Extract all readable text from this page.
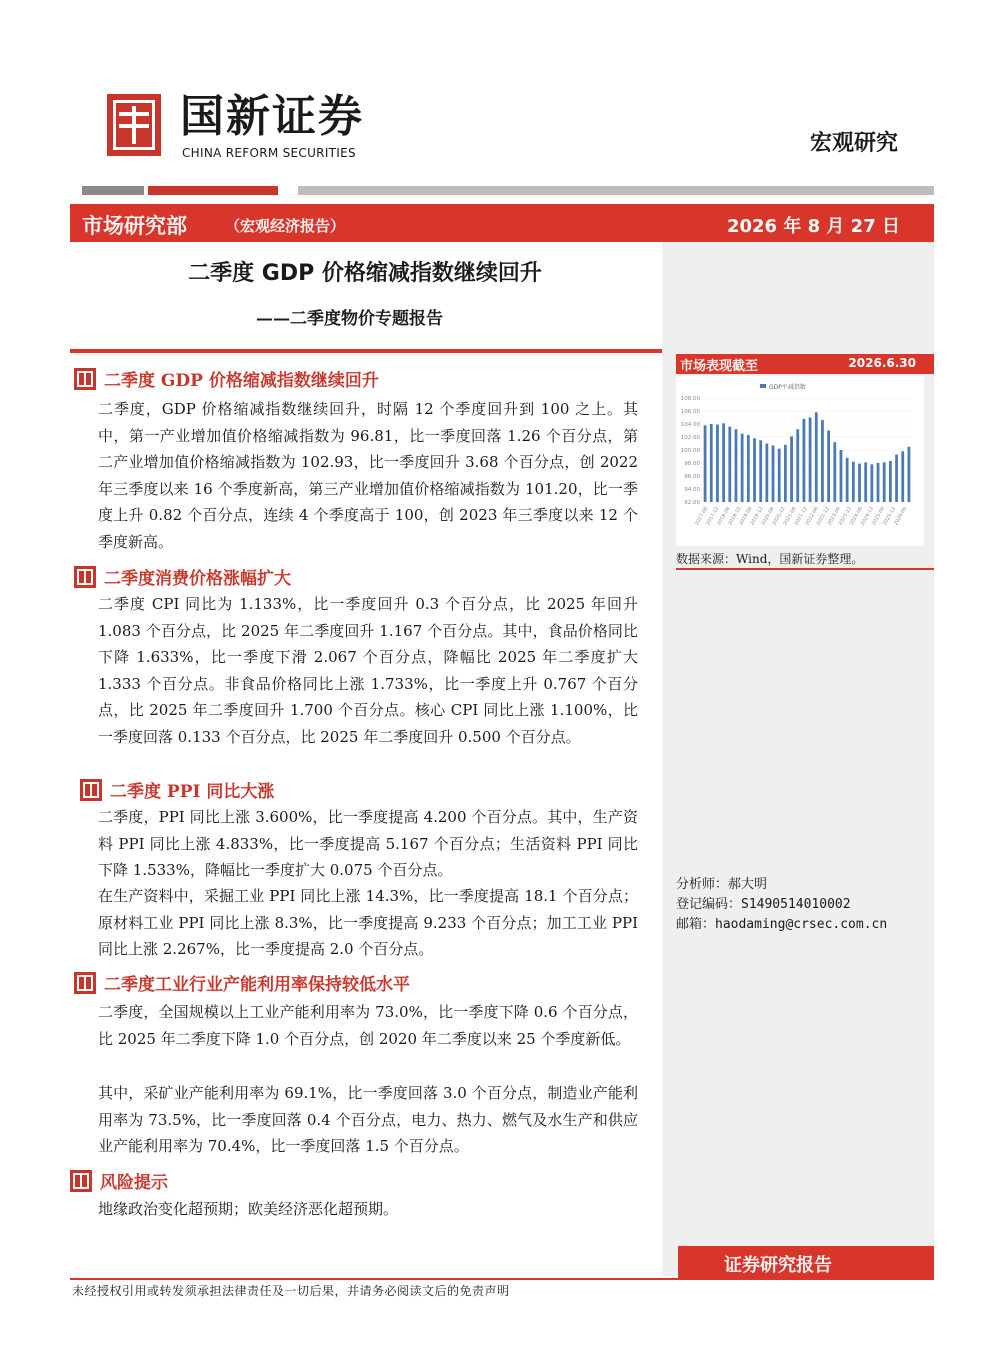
国新证券
CHINA REFORM SECURITIES	宏观研究
市场研究部	（宏观经济报告）	2026 年 8 月 27 日
二季度 GDP 价格缩减指数继续回升
——二季度物价专题报告
二季度 GDP 价格缩减指数继续回升
二季度，GDP 价格缩减指数继续回升，时隔 12 个季度回升到 100 之上。其中，第一产业增加值价格缩减指数为 96.81，比一季度回落 1.26 个百分点，第二产业增加值价格缩减指数为 102.93，比一季度回升 3.68 个百分点，创 2022 年三季度以来 16 个季度新高，第三产业增加值价格缩减指数为 101.20，比一季度上升 0.82 个百分点，连续 4 个季度高于 100，创 2023 年三季度以来 12 个季度新高。
二季度消费价格涨幅扩大
二季度 CPI 同比为 1.133%，比一季度回升 0.3 个百分点，比 2025 年回升 1.083 个百分点，比 2025 年二季度回升 1.167 个百分点。其中，食品价格同比下降 1.633%，比一季度下滑 2.067 个百分点，降幅比 2025 年二季度扩大 1.333 个百分点。非食品价格同比上涨 1.733%，比一季度上升 0.767 个百分点，比 2025 年二季度回升 1.700 个百分点。核心 CPI 同比上涨 1.100%，比一季度回落 0.133 个百分点，比 2025 年二季度回升 0.500 个百分点。
二季度 PPI 同比大涨
二季度，PPI 同比上涨 3.600%，比一季度提高 4.200 个百分点。其中，生产资料 PPI 同比上涨 4.833%，比一季度提高 5.167 个百分点；生活资料 PPI 同比下降 1.533%，降幅比一季度扩大 0.075 个百分点。
在生产资料中，采掘工业 PPI 同比上涨 14.3%，比一季度提高 18.1 个百分点；原材料工业 PPI 同比上涨 8.3%，比一季度提高 9.233 个百分点；加工工业 PPI 同比上涨 2.267%，比一季度提高 2.0 个百分点。
二季度工业行业产能利用率保持较低水平
二季度，全国规模以上工业产能利用率为 73.0%，比一季度下降 0.6 个百分点，比 2025 年二季度下降 1.0 个百分点，创 2020 年二季度以来 25 个季度新低。
其中，采矿业产能利用率为 69.1%，比一季度回落 3.0 个百分点，制造业产能利用率为 73.5%，比一季度回落 0.4 个百分点，电力、热力、燃气及水生产和供应业产能利用率为 70.4%，比一季度回落 1.5 个百分点。
风险提示
地缘政治变化超预期；欧美经济恶化超预期。
市场表现截至	2026.6.30
GDP平减指数
108.00
106.00
104.00
102.00
100.00
98.00
96.00
94.00
92.00
2017-06
2017-12
2018-06
2018-12
2019-06
2019-12
2020-06
2020-12
2021-06
2021-12
2022-06
2022-12
2023-06
2023-12
2024-06
2024-12
2025-06
2025-12
2026-06
数据来源：Wind，国新证券整理。
分析师：郝大明
登记编码：S1490514010002
邮箱：haodaming@crsec.com.cn
证券研究报告
未经授权引用或转发须承担法律责任及一切后果，并请务必阅读文后的免责声明
